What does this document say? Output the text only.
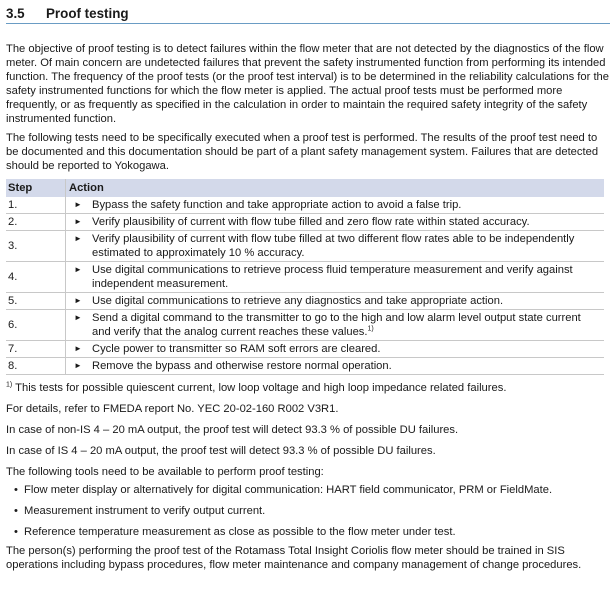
3.5	Proof testing

The objective of proof testing is to detect failures within the flow meter that are not detected by the diagnostics of the flow meter. Of main concern are undetected failures that prevent the safety instrumented function from performing its intended function. The frequency of the proof tests (or the proof test interval) is to be determined in the reliability calculations for the safety instrumented functions for which the flow meter is applied. The actual proof tests must be performed more frequently, or as frequently as specified in the calculation in order to maintain the required safety integrity of the safety instrumented function.

The following tests need to be specifically executed when a proof test is performed. The results of the proof test need to be documented and this documentation should be part of a plant safety management system. Failures that are detected should be reported to Yokogawa.

Step	Action
1.	► Bypass the safety function and take appropriate action to avoid a false trip.

2.	► Verify plausibility of current with flow tube filled and zero flow rate within stated accuracy.

3.	► Verify plausibility of current with flow tube filled at two different flow rates able to be independently estimated to approximately 10 % accuracy.

4.	► Use digital communications to retrieve process fluid temperature measurement and verify against independent measurement.

5.	► Use digital communications to retrieve any diagnostics and take appropriate action.

6.	► Send a digital command to the transmitter to go to the high and low alarm level output state current and verify that the analog current reaches these values.$^{1)}$

7.	► Cycle power to transmitter so RAM soft errors are cleared.

8.	► Remove the bypass and otherwise restore normal operation.

$^{1)}$ This tests for possible quiescent current, low loop voltage and high loop impedance related failures.

For details, refer to FMEDA report No. YEC 20-02-160 R002 V3R1.

In case of non-IS 4 – 20 mA output, the proof test will detect 93.3 % of possible DU failures.

In case of IS 4 – 20 mA output, the proof test will detect 93.3 % of possible DU failures.

The following tools need to be available to perform proof testing:

• Flow meter display or alternatively for digital communication: HART field communicator, PRM or FieldMate.
• Measurement instrument to verify output current.
• Reference temperature measurement as close as possible to the flow meter under test.

The person(s) performing the proof test of the Rotamass Total Insight Coriolis flow meter should be trained in SIS operations including bypass procedures, flow meter maintenance and company management of change procedures.
